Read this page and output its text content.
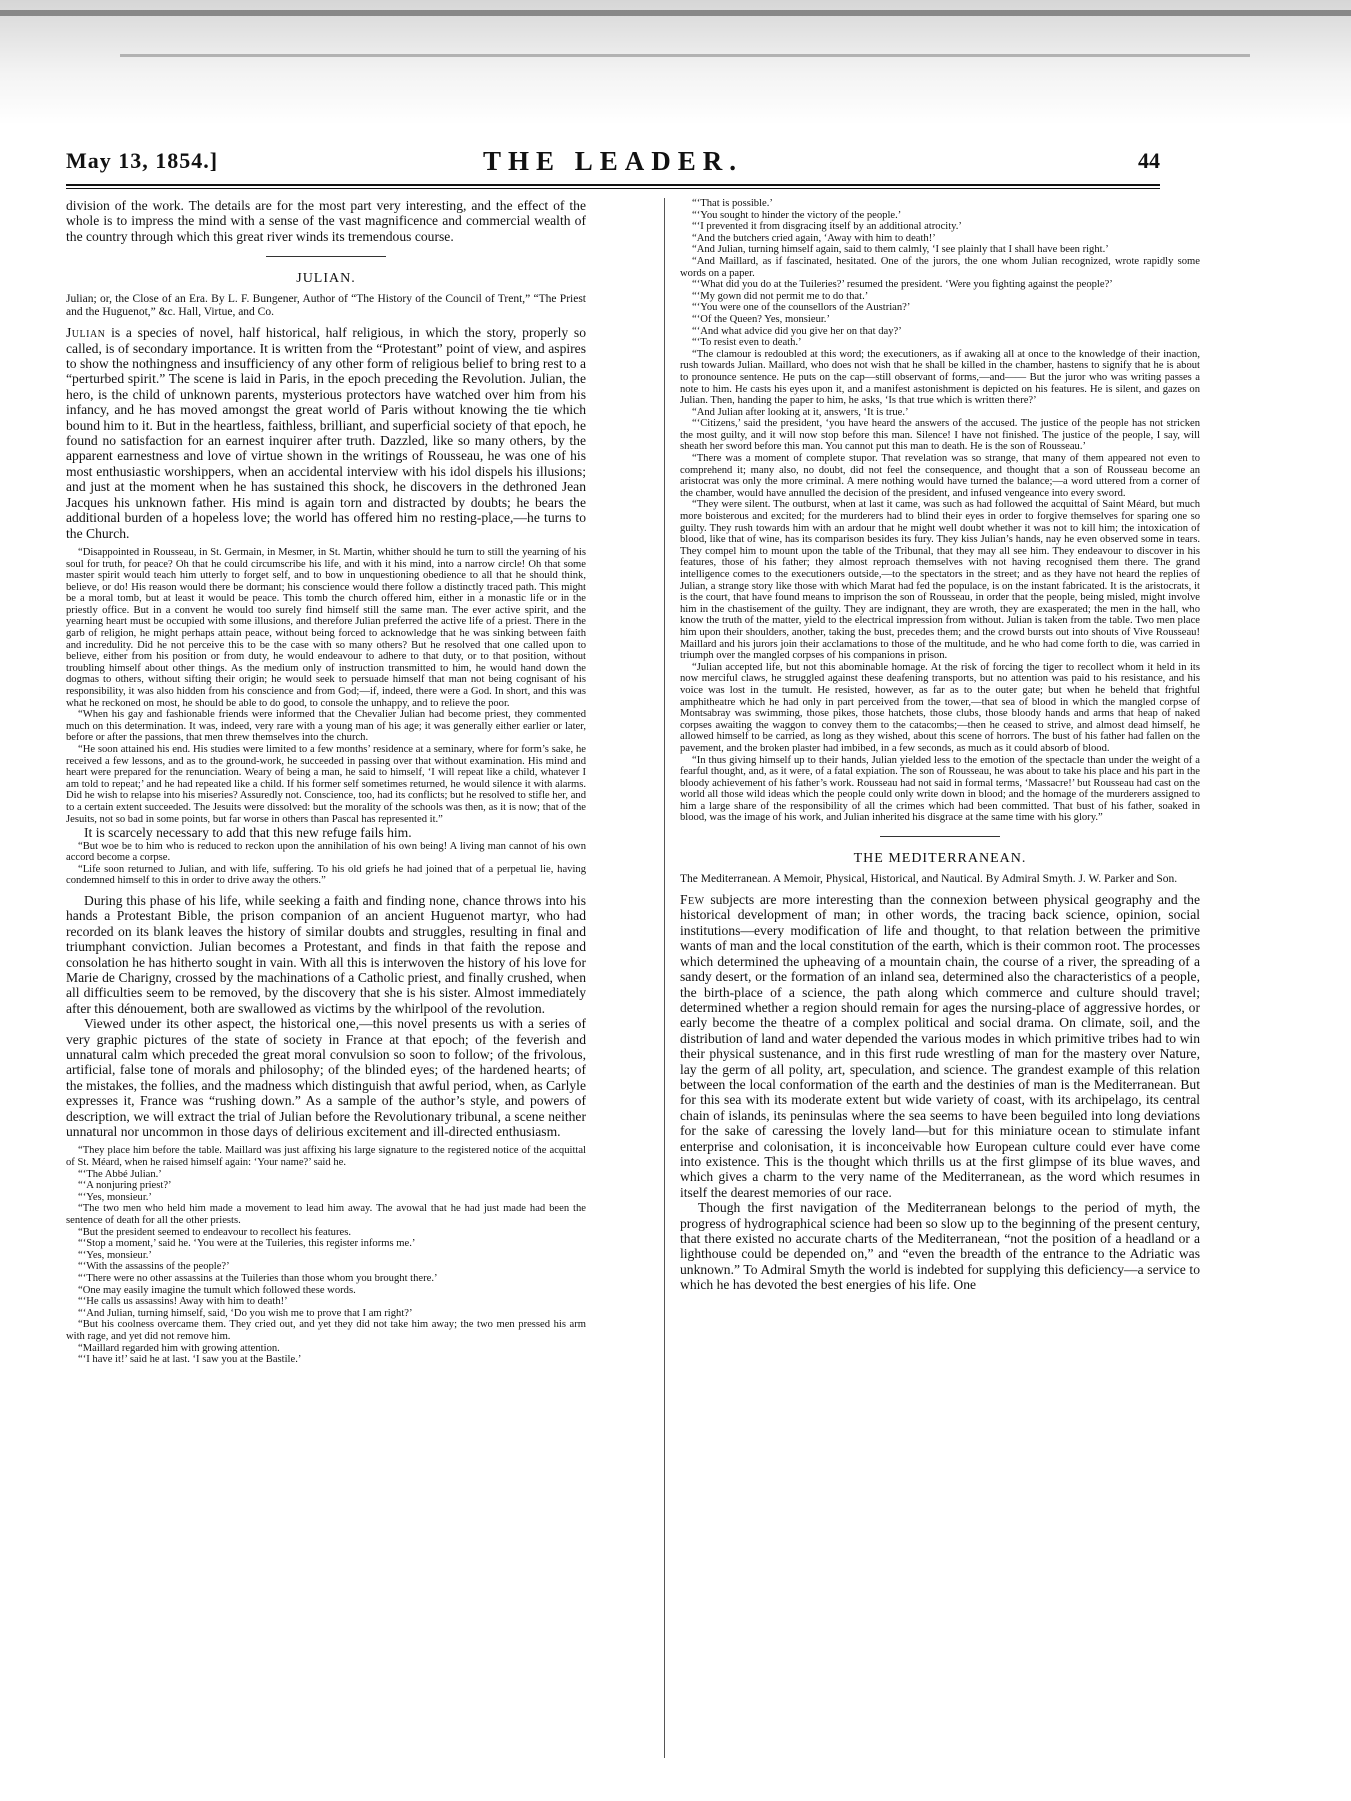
May 13, 1854.]	THE LEADER.	44

division of the work. The details are for the most part very interesting, and the effect of the whole is to impress the mind with a sense of the vast magnificence and commercial wealth of the country through which this great river winds its tremendous course.

JULIAN.

Julian; or, the Close of an Era. By L. F. Bungener, Author of “The History of the Council of Trent,” “The Priest and the Huguenot,” &c. Hall, Virtue, and Co.

Julian is a species of novel, half historical, half religious, in which the story, properly so called, is of secondary importance. It is written from the “Protestant” point of view, and aspires to show the nothingness and insufficiency of any other form of religious belief to bring rest to a “perturbed spirit.” The scene is laid in Paris, in the epoch preceding the Revolution. Julian, the hero, is the child of unknown parents, mysterious protectors have watched over him from his infancy, and he has moved amongst the great world of Paris without knowing the tie which bound him to it. But in the heartless, faithless, brilliant, and superficial society of that epoch, he found no satisfaction for an earnest inquirer after truth. Dazzled, like so many others, by the apparent earnestness and love of virtue shown in the writings of Rousseau, he was one of his most enthusiastic worshippers, when an accidental interview with his idol dispels his illusions; and just at the moment when he has sustained this shock, he discovers in the dethroned Jean Jacques his unknown father. His mind is again torn and distracted by doubts; he bears the additional burden of a hopeless love; the world has offered him no resting-place,—he turns to the Church.

“Disappointed in Rousseau, in St. Germain, in Mesmer, in St. Martin, whither should he turn to still the yearning of his soul for truth, for peace? Oh that he could circumscribe his life, and with it his mind, into a narrow circle! Oh that some master spirit would teach him utterly to forget self, and to bow in unquestioning obedience to all that he should think, believe, or do! His reason would there be dormant; his conscience would there follow a distinctly traced path. This might be a moral tomb, but at least it would be peace. This tomb the church offered him, either in a monastic life or in the priestly office. But in a convent he would too surely find himself still the same man. The ever active spirit, and the yearning heart must be occupied with some illusions, and therefore Julian preferred the active life of a priest. There in the garb of religion, he might perhaps attain peace, without being forced to acknowledge that he was sinking between faith and incredulity. Did he not perceive this to be the case with so many others? But he resolved that one called upon to believe, either from his position or from duty, he would endeavour to adhere to that duty, or to that position, without troubling himself about other things. As the medium only of instruction transmitted to him, he would hand down the dogmas to others, without sifting their origin; he would seek to persuade himself that man not being cognisant of his responsibility, it was also hidden from his conscience and from God;—if, indeed, there were a God. In short, and this was what he reckoned on most, he should be able to do good, to console the unhappy, and to relieve the poor.

“When his gay and fashionable friends were informed that the Chevalier Julian had become priest, they commented much on this determination. It was, indeed, very rare with a young man of his age; it was generally either earlier or later, before or after the passions, that men threw themselves into the church.

“He soon attained his end. His studies were limited to a few months’ residence at a seminary, where for form’s sake, he received a few lessons, and as to the ground-work, he succeeded in passing over that without examination. His mind and heart were prepared for the renunciation. Weary of being a man, he said to himself, ‘I will repeat like a child, whatever I am told to repeat;’ and he had repeated like a child. If his former self sometimes returned, he would silence it with alarms. Did he wish to relapse into his miseries? Assuredly not. Conscience, too, had its conflicts; but he resolved to stifle her, and to a certain extent succeeded. The Jesuits were dissolved: but the morality of the schools was then, as it is now; that of the Jesuits, not so bad in some points, but far worse in others than Pascal has represented it.”

It is scarcely necessary to add that this new refuge fails him.

“But woe be to him who is reduced to reckon upon the annihilation of his own being! A living man cannot of his own accord become a corpse.

“Life soon returned to Julian, and with life, suffering. To his old griefs he had joined that of a perpetual lie, having condemned himself to this in order to drive away the others.”

During this phase of his life, while seeking a faith and finding none, chance throws into his hands a Protestant Bible, the prison companion of an ancient Huguenot martyr, who had recorded on its blank leaves the history of similar doubts and struggles, resulting in final and triumphant conviction. Julian becomes a Protestant, and finds in that faith the repose and consolation he has hitherto sought in vain. With all this is interwoven the history of his love for Marie de Charigny, crossed by the machinations of a Catholic priest, and finally crushed, when all difficulties seem to be removed, by the discovery that she is his sister. Almost immediately after this dénouement, both are swallowed as victims by the whirlpool of the revolution.

Viewed under its other aspect, the historical one,—this novel presents us with a series of very graphic pictures of the state of society in France at that epoch; of the feverish and unnatural calm which preceded the great moral convulsion so soon to follow; of the frivolous, artificial, false tone of morals and philosophy; of the blinded eyes; of the hardened hearts; of the mistakes, the follies, and the madness which distinguish that awful period, when, as Carlyle expresses it, France was “rushing down.” As a sample of the author’s style, and powers of description, we will extract the trial of Julian before the Revolutionary tribunal, a scene neither unnatural nor uncommon in those days of delirious excitement and ill-directed enthusiasm.

“They place him before the table. Maillard was just affixing his large signature to the registered notice of the acquittal of St. Méard, when he raised himself again: ‘Your name?’ said he.

“‘The Abbé Julian.’

“‘A nonjuring priest?’

“‘Yes, monsieur.’

“The two men who held him made a movement to lead him away. The avowal that he had just made had been the sentence of death for all the other priests.

“But the president seemed to endeavour to recollect his features.

“‘Stop a moment,’ said he. ‘You were at the Tuileries, this register informs me.’

“‘Yes, monsieur.’

“‘With the assassins of the people?’

“‘There were no other assassins at the Tuileries than those whom you brought there.’

“One may easily imagine the tumult which followed these words.

“‘He calls us assassins! Away with him to death!’

“‘And Julian, turning himself, said, ‘Do you wish me to prove that I am right?’

“But his coolness overcame them. They cried out, and yet they did not take him away; the two men pressed his arm with rage, and yet did not remove him.

“Maillard regarded him with growing attention.

“‘I have it!’ said he at last. ‘I saw you at the Bastile.’

“‘That is possible.’

“‘You sought to hinder the victory of the people.’

“‘I prevented it from disgracing itself by an additional atrocity.’

“And the butchers cried again, ‘Away with him to death!’

“And Julian, turning himself again, said to them calmly, ‘I see plainly that I shall have been right.’

“And Maillard, as if fascinated, hesitated. One of the jurors, the one whom Julian recognized, wrote rapidly some words on a paper.

“‘What did you do at the Tuileries?’ resumed the president. ‘Were you fighting against the people?’

“‘My gown did not permit me to do that.’

“‘You were one of the counsellors of the Austrian?’

“‘Of the Queen? Yes, monsieur.’

“‘And what advice did you give her on that day?’

“‘To resist even to death.’

“The clamour is redoubled at this word; the executioners, as if awaking all at once to the knowledge of their inaction, rush towards Julian. Maillard, who does not wish that he shall be killed in the chamber, hastens to signify that he is about to pronounce sentence. He puts on the cap—still observant of forms,—and—— But the juror who was writing passes a note to him. He casts his eyes upon it, and a manifest astonishment is depicted on his features. He is silent, and gazes on Julian. Then, handing the paper to him, he asks, ‘Is that true which is written there?’

“And Julian after looking at it, answers, ‘It is true.’

“‘Citizens,’ said the president, ‘you have heard the answers of the accused. The justice of the people has not stricken the most guilty, and it will now stop before this man. Silence! I have not finished. The justice of the people, I say, will sheath her sword before this man. You cannot put this man to death. He is the son of Rousseau.’

“There was a moment of complete stupor. That revelation was so strange, that many of them appeared not even to comprehend it; many also, no doubt, did not feel the consequence, and thought that a son of Rousseau become an aristocrat was only the more criminal. A mere nothing would have turned the balance;—a word uttered from a corner of the chamber, would have annulled the decision of the president, and infused vengeance into every sword.

“They were silent. The outburst, when at last it came, was such as had followed the acquittal of Saint Méard, but much more boisterous and excited; for the murderers had to blind their eyes in order to forgive themselves for sparing one so guilty. They rush towards him with an ardour that he might well doubt whether it was not to kill him; the intoxication of blood, like that of wine, has its comparison besides its fury. They kiss Julian’s hands, nay he even observed some in tears. They compel him to mount upon the table of the Tribunal, that they may all see him. They endeavour to discover in his features, those of his father; they almost reproach themselves with not having recognised them there. The grand intelligence comes to the executioners outside,—to the spectators in the street; and as they have not heard the replies of Julian, a strange story like those with which Marat had fed the populace, is on the instant fabricated. It is the aristocrats, it is the court, that have found means to imprison the son of Rousseau, in order that the people, being misled, might involve him in the chastisement of the guilty. They are indignant, they are wroth, they are exasperated; the men in the hall, who know the truth of the matter, yield to the electrical impression from without. Julian is taken from the table. Two men place him upon their shoulders, another, taking the bust, precedes them; and the crowd bursts out into shouts of Vive Rousseau! Maillard and his jurors join their acclamations to those of the multitude, and he who had come forth to die, was carried in triumph over the mangled corpses of his companions in prison.

“Julian accepted life, but not this abominable homage. At the risk of forcing the tiger to recollect whom it held in its now merciful claws, he struggled against these deafening transports, but no attention was paid to his resistance, and his voice was lost in the tumult. He resisted, however, as far as to the outer gate; but when he beheld that frightful amphitheatre which he had only in part perceived from the tower,—that sea of blood in which the mangled corpse of Montsabray was swimming, those pikes, those hatchets, those clubs, those bloody hands and arms that heap of naked corpses awaiting the waggon to convey them to the catacombs;—then he ceased to strive, and almost dead himself, he allowed himself to be carried, as long as they wished, about this scene of horrors. The bust of his father had fallen on the pavement, and the broken plaster had imbibed, in a few seconds, as much as it could absorb of blood.

“In thus giving himself up to their hands, Julian yielded less to the emotion of the spectacle than under the weight of a fearful thought, and, as it were, of a fatal expiation. The son of Rousseau, he was about to take his place and his part in the bloody achievement of his father’s work. Rousseau had not said in formal terms, ‘Massacre!’ but Rousseau had cast on the world all those wild ideas which the people could only write down in blood; and the homage of the murderers assigned to him a large share of the responsibility of all the crimes which had been committed. That bust of his father, soaked in blood, was the image of his work, and Julian inherited his disgrace at the same time with his glory.”

THE MEDITERRANEAN.

The Mediterranean. A Memoir, Physical, Historical, and Nautical. By Admiral Smyth. J. W. Parker and Son.

Few subjects are more interesting than the connexion between physical geography and the historical development of man; in other words, the tracing back science, opinion, social institutions—every modification of life and thought, to that relation between the primitive wants of man and the local constitution of the earth, which is their common root. The processes which determined the upheaving of a mountain chain, the course of a river, the spreading of a sandy desert, or the formation of an inland sea, determined also the characteristics of a people, the birth-place of a science, the path along which commerce and culture should travel; determined whether a region should remain for ages the nursing-place of aggressive hordes, or early become the theatre of a complex political and social drama. On climate, soil, and the distribution of land and water depended the various modes in which primitive tribes had to win their physical sustenance, and in this first rude wrestling of man for the mastery over Nature, lay the germ of all polity, art, speculation, and science. The grandest example of this relation between the local conformation of the earth and the destinies of man is the Mediterranean. But for this sea with its moderate extent but wide variety of coast, with its archipelago, its central chain of islands, its peninsulas where the sea seems to have been beguiled into long deviations for the sake of caressing the lovely land—but for this miniature ocean to stimulate infant enterprise and colonisation, it is inconceivable how European culture could ever have come into existence. This is the thought which thrills us at the first glimpse of its blue waves, and which gives a charm to the very name of the Mediterranean, as the word which resumes in itself the dearest memories of our race.

Though the first navigation of the Mediterranean belongs to the period of myth, the progress of hydrographical science had been so slow up to the beginning of the present century, that there existed no accurate charts of the Mediterranean, “not the position of a headland or a lighthouse could be depended on,” and “even the breadth of the entrance to the Adriatic was unknown.” To Admiral Smyth the world is indebted for supplying this deficiency—a service to which he has devoted the best energies of his life. One
